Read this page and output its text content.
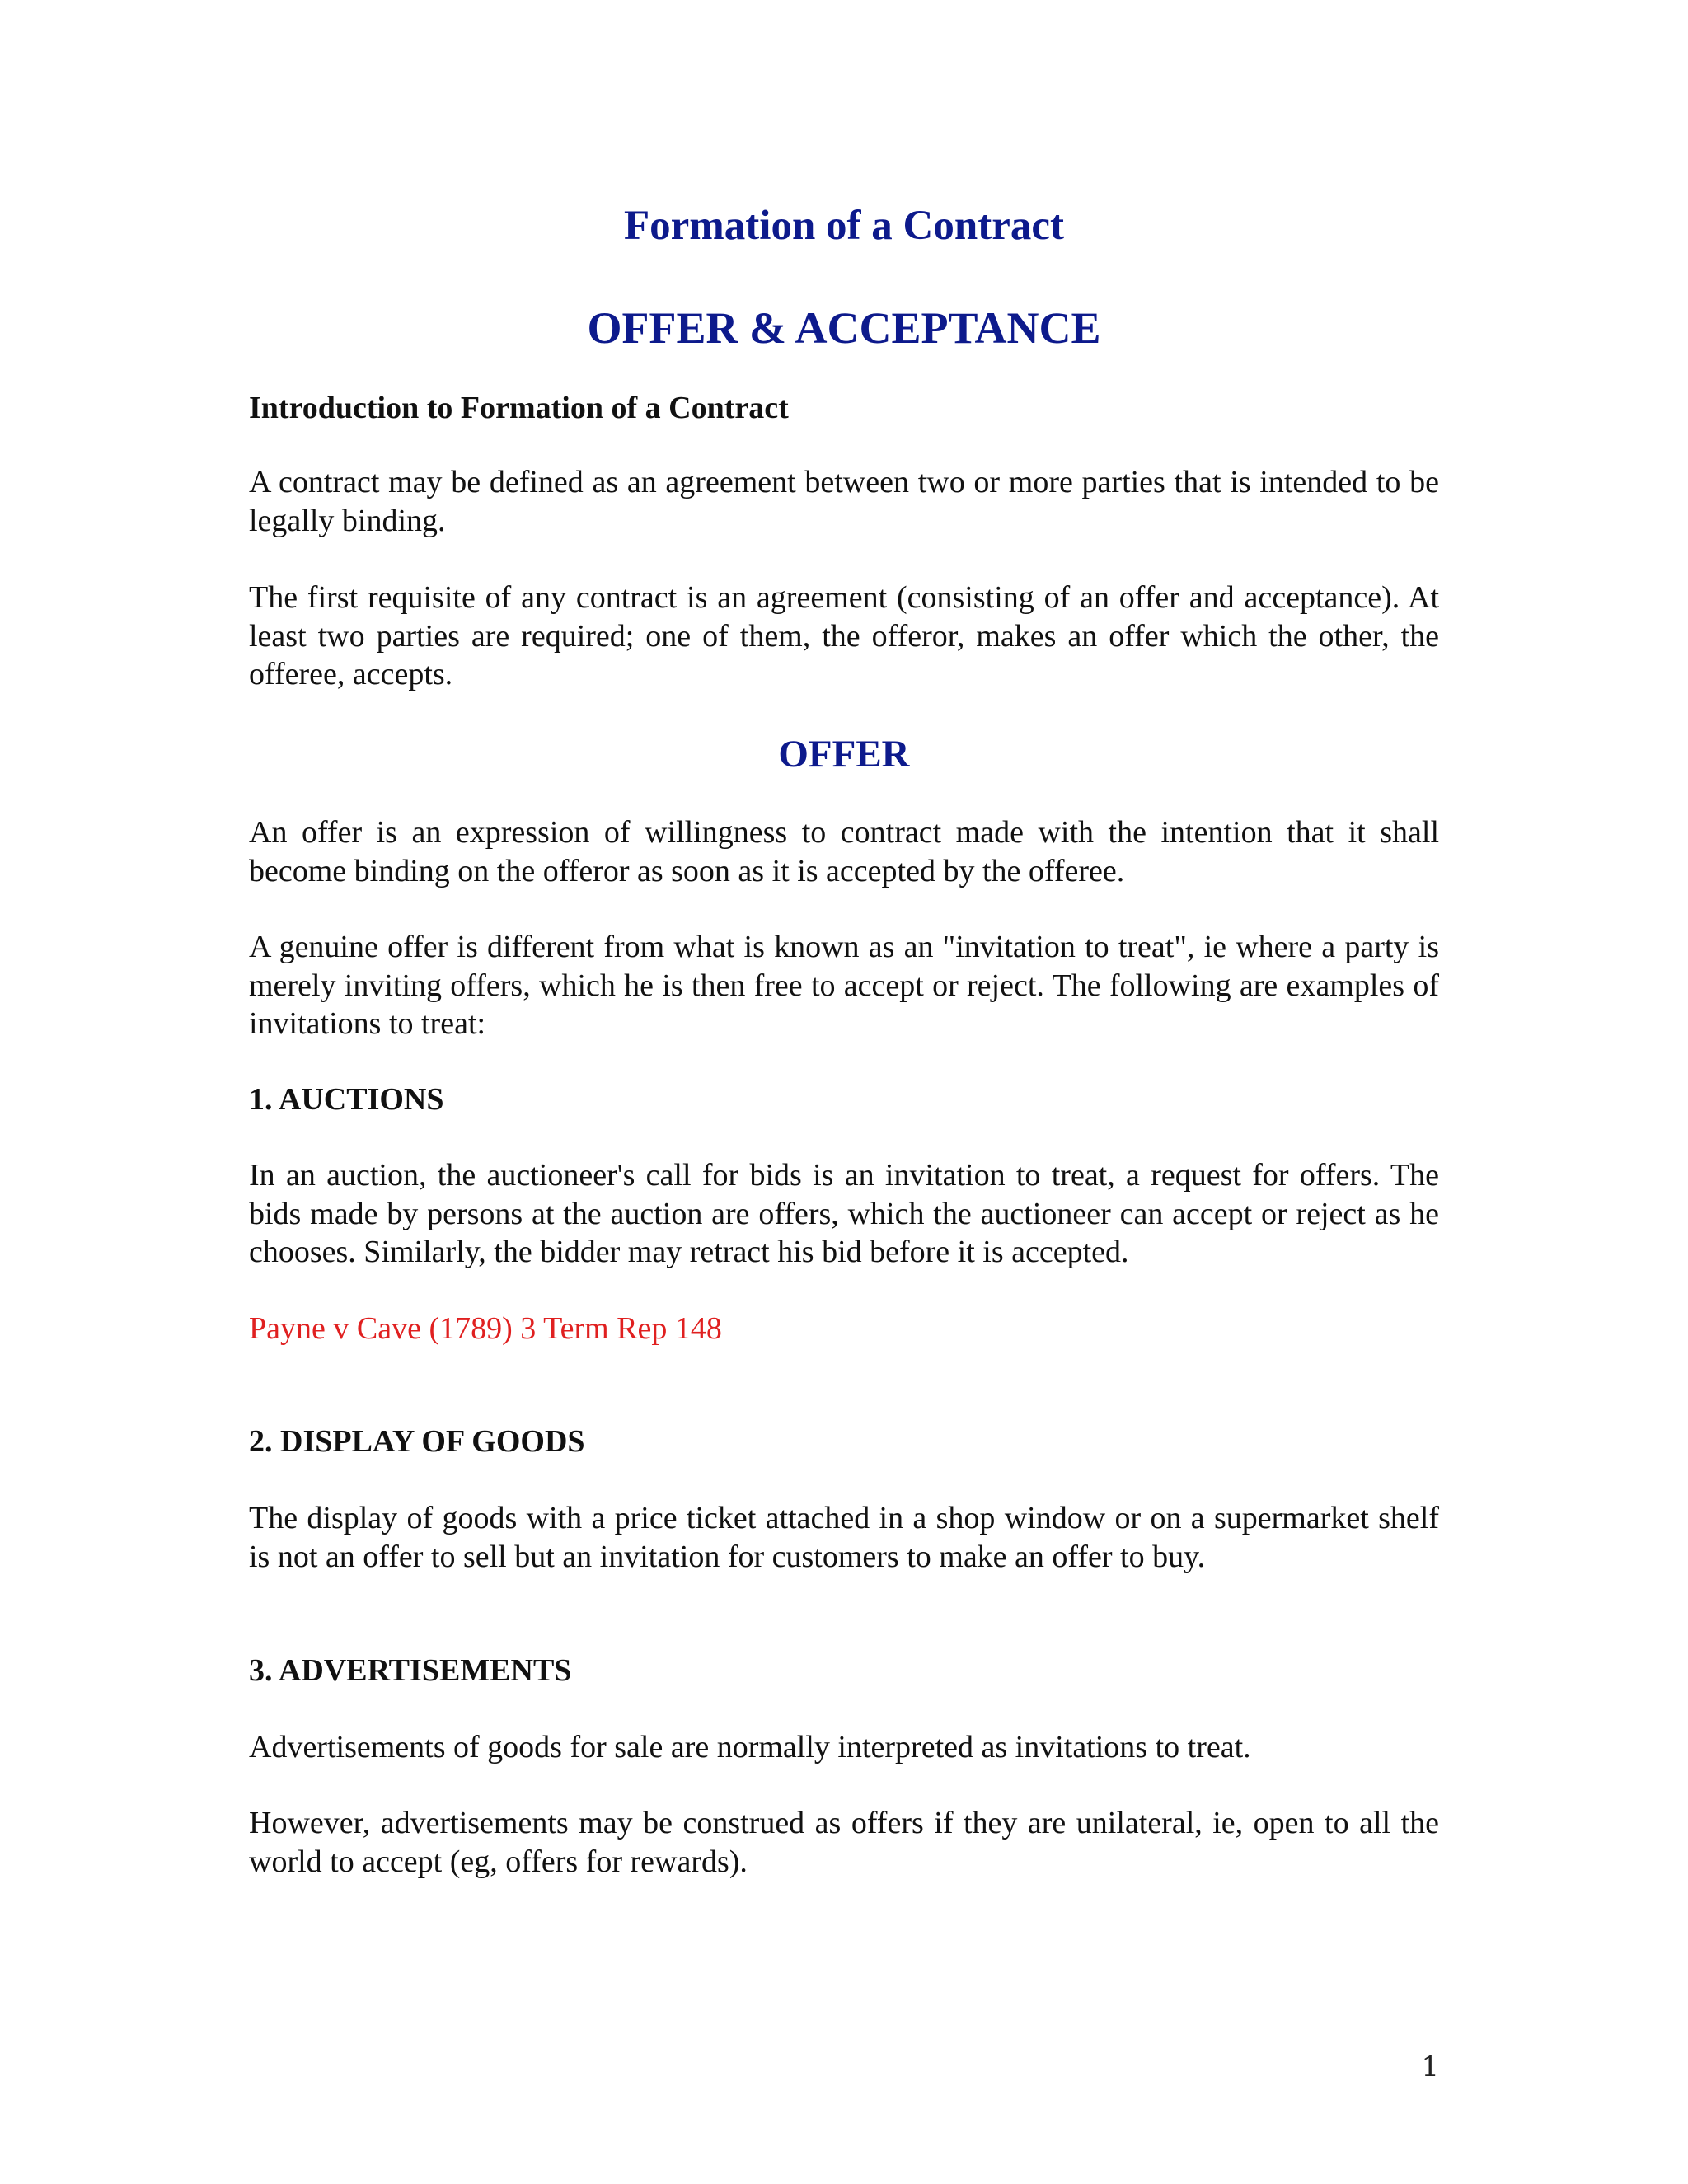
Formation of a Contract
OFFER & ACCEPTANCE
Introduction to Formation of a Contract

A contract may be defined as an agreement between two or more parties that is intended to be legally binding.

The first requisite of any contract is an agreement (consisting of an offer and acceptance). At least two parties are required; one of them, the offeror, makes an offer which the other, the offeree, accepts.

OFFER

An offer is an expression of willingness to contract made with the intention that it shall become binding on the offeror as soon as it is accepted by the offeree.

A genuine offer is different from what is known as an "invitation to treat", ie where a party is merely inviting offers, which he is then free to accept or reject. The following are examples of invitations to treat:

1. AUCTIONS

In an auction, the auctioneer's call for bids is an invitation to treat, a request for offers. The bids made by persons at the auction are offers, which the auctioneer can accept or reject as he chooses. Similarly, the bidder may retract his bid before it is accepted.

Payne v Cave (1789) 3 Term Rep 148

2. DISPLAY OF GOODS

The display of goods with a price ticket attached in a shop window or on a supermarket shelf is not an offer to sell but an invitation for customers to make an offer to buy.

3. ADVERTISEMENTS

Advertisements of goods for sale are normally interpreted as invitations to treat.

However, advertisements may be construed as offers if they are unilateral, ie, open to all the world to accept (eg, offers for rewards).

1
